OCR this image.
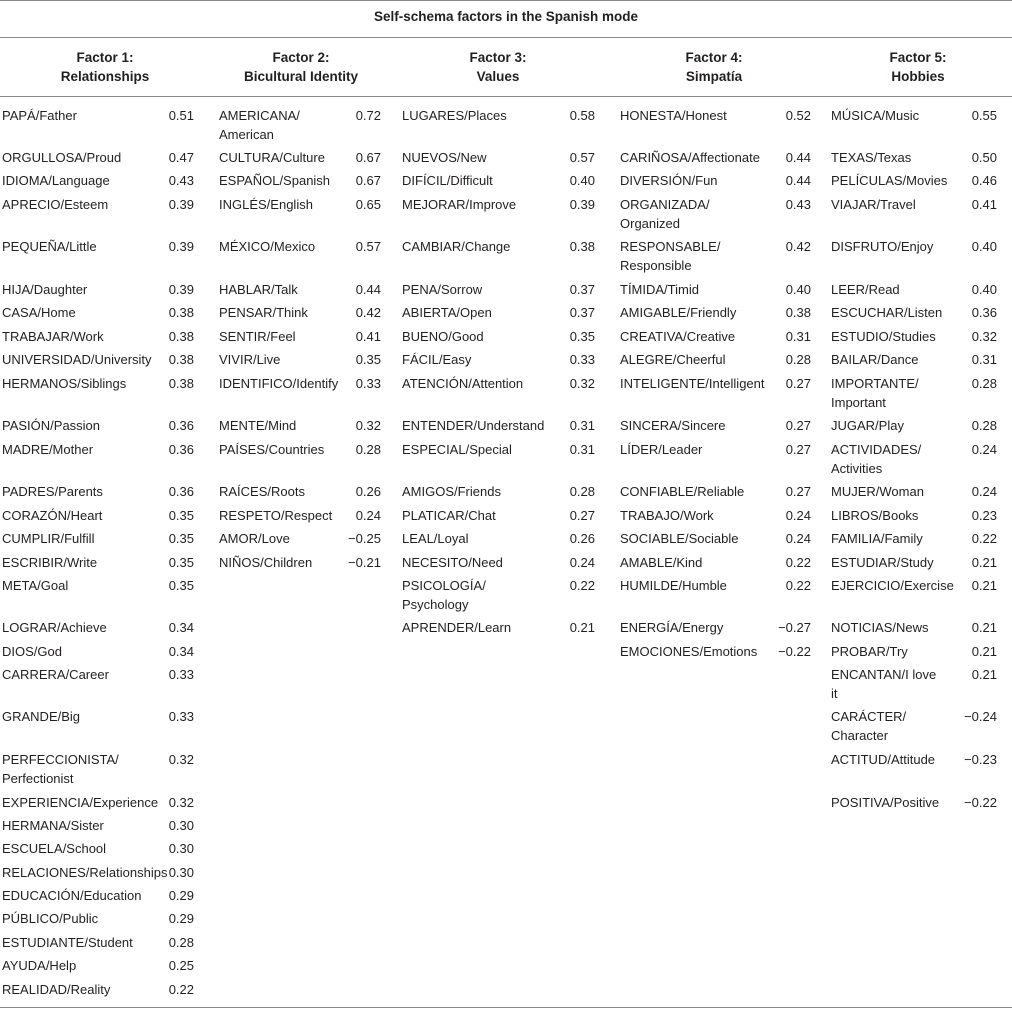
Self-schema factors in the Spanish mode
Factor 1:
Relationships
Factor 2:
Bicultural Identity
Factor 3:
Values
Factor 4:
Simpatía
Factor 5:
Hobbies
PAPÁ/Father	0.51
ORGULLOSA/Proud	0.47
IDIOMA/Language	0.43
APRECIO/Esteem	0.39
PEQUEÑA/Little	0.39
HIJA/Daughter	0.39
CASA/Home	0.38
TRABAJAR/Work	0.38
UNIVERSIDAD/University	0.38
HERMANOS/Siblings	0.38
PASIÓN/Passion	0.36
MADRE/Mother	0.36
PADRES/Parents	0.36
CORAZÓN/Heart	0.35
CUMPLIR/Fulfill	0.35
ESCRIBIR/Write	0.35
META/Goal	0.35
LOGRAR/Achieve	0.34
DIOS/God	0.34
CARRERA/Career	0.33
GRANDE/Big	0.33
PERFECCIONISTA/
Perfectionist
0.32
EXPERIENCIA/Experience 0.32
HERMANA/Sister	0.30
ESCUELA/School	0.30
RELACIONES/Relationships 0.30
EDUCACIÓN/Education	0.29
PÚBLICO/Public	0.29
ESTUDIANTE/Student	0.28
AYUDA/Help	0.25
REALIDAD/Reality	0.22
AMERICANA/
American
0.72
CULTURA/Culture	0.67
ESPAÑOL/Spanish	0.67
INGLÉS/English	0.65
MÉXICO/Mexico	0.57
HABLAR/Talk	0.44
PENSAR/Think	0.42
SENTIR/Feel	0.41
VIVIR/Live	0.35
IDENTIFICO/Identify	0.33
MENTE/Mind	0.32
PAÍSES/Countries	0.28
RAÍCES/Roots	0.26
RESPETO/Respect	0.24
AMOR/Love	−0.25
NIÑOS/Children	−0.21
LUGARES/Places	0.58
NUEVOS/New	0.57
DIFÍCIL/Difficult	0.40
MEJORAR/Improve	0.39
CAMBIAR/Change	0.38
PENA/Sorrow	0.37
ABIERTA/Open	0.37
BUENO/Good	0.35
FÁCIL/Easy	0.33
ATENCIÓN/Attention	0.32
ENTENDER/Understand	0.31
ESPECIAL/Special	0.31
AMIGOS/Friends	0.28
PLATICAR/Chat	0.27
LEAL/Loyal	0.26
NECESITO/Need	0.24
PSICOLOGÍA/
Psychology
0.22
APRENDER/Learn	0.21
HONESTA/Honest	0.52
CARIÑOSA/Affectionate	0.44
DIVERSIÓN/Fun	0.44
ORGANIZADA/
Organized
0.43
RESPONSABLE/
Responsible
0.42
TÍMIDA/Timid	0.40
AMIGABLE/Friendly	0.38
CREATIVA/Creative	0.31
ALEGRE/Cheerful	0.28
INTELIGENTE/Intelligent	0.27
SINCERA/Sincere	0.27
LÍDER/Leader	0.27
CONFIABLE/Reliable	0.27
TRABAJO/Work	0.24
SOCIABLE/Sociable	0.24
AMABLE/Kind	0.22
HUMILDE/Humble	0.22
ENERGÍA/Energy	−0.27
EMOCIONES/Emotions	−0.22
MÚSICA/Music	0.55
TEXAS/Texas	0.50
PELÍCULAS/Movies	0.46
VIAJAR/Travel	0.41
DISFRUTO/Enjoy	0.40
LEER/Read	0.40
ESCUCHAR/Listen	0.36
ESTUDIO/Studies	0.32
BAILAR/Dance	0.31
IMPORTANTE/
Important
0.28
JUGAR/Play	0.28
ACTIVIDADES/
Activities
0.24
MUJER/Woman	0.24
LIBROS/Books	0.23
FAMILIA/Family	0.22
ESTUDIAR/Study	0.21
EJERCICIO/Exercise	0.21
NOTICIAS/News	0.21
PROBAR/Try	0.21
ENCANTAN/I love
it
0.21
CARÁCTER/
Character
−0.24
ACTITUD/Attitude	−0.23
POSITIVA/Positive	−0.22
